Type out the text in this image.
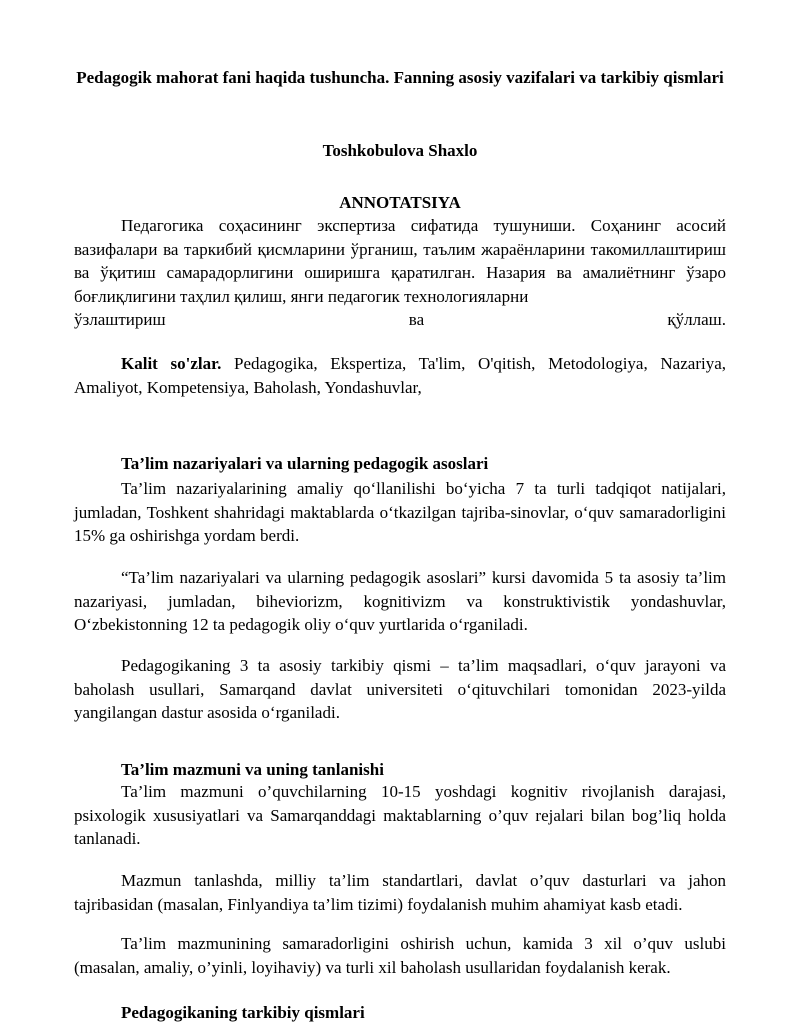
Pedagogik mahorat fani haqida tushuncha. Fanning asosiy vazifalari va tarkibiy qismlari
Toshkobulova Shaxlo
ANNOTATSIYA

Педагогика соҳасининг экспертиза сифатида тушуниши. Соҳанинг асосий вазифалари ва таркибий қисмларини ўрганиш, таълим жараёнларини такомиллаштириш ва ўқитиш самарадорлигини оширишга қаратилган. Назария ва амалиётнинг ўзаро боғлиқлигини таҳлил қилиш, янги педагогик технологияларни

ўзлаштириш ва қўллаш.

Kalit so'zlar. Pedagogika, Ekspertiza, Ta'lim, O'qitish, Metodologiya, Nazariya, Amaliyot, Kompetensiya, Baholash, Yondashuvlar,

Ta’lim nazariyalari va ularning pedagogik asoslari

Ta’lim nazariyalarining amaliy qo‘llanilishi bo‘yicha 7 ta turli tadqiqot natijalari, jumladan, Toshkent shahridagi maktablarda o‘tkazilgan tajriba-sinovlar, o‘quv samaradorligini 15% ga oshirishga yordam berdi.

“Ta’lim nazariyalari va ularning pedagogik asoslari” kursi davomida 5 ta asosiy ta’lim nazariyasi, jumladan, biheviorizm, kognitivizm va konstruktivistik yondashuvlar, O‘zbekistonning 12 ta pedagogik oliy o‘quv yurtlarida o‘rganiladi.

Pedagogikaning 3 ta asosiy tarkibiy qismi – ta’lim maqsadlari, o‘quv jarayoni va baholash usullari, Samarqand davlat universiteti o‘qituvchilari tomonidan 2023-yilda yangilangan dastur asosida o‘rganiladi.

Ta’lim mazmuni va uning tanlanishi

Ta’lim mazmuni o’quvchilarning 10-15 yoshdagi kognitiv rivojlanish darajasi, psixologik xususiyatlari va Samarqanddagi maktablarning o’quv rejalari bilan bog’liq holda tanlanadi.

Mazmun tanlashda, milliy ta’lim standartlari, davlat o’quv dasturlari va jahon tajribasidan (masalan, Finlyandiya ta’lim tizimi) foydalanish muhim ahamiyat kasb etadi.

Ta’lim mazmunining samaradorligini oshirish uchun, kamida 3 xil o’quv uslubi (masalan, amaliy, o’yinli, loyihaviy) va turli xil baholash usullaridan foydalanish kerak.

Pedagogikaning tarkibiy qismlari
